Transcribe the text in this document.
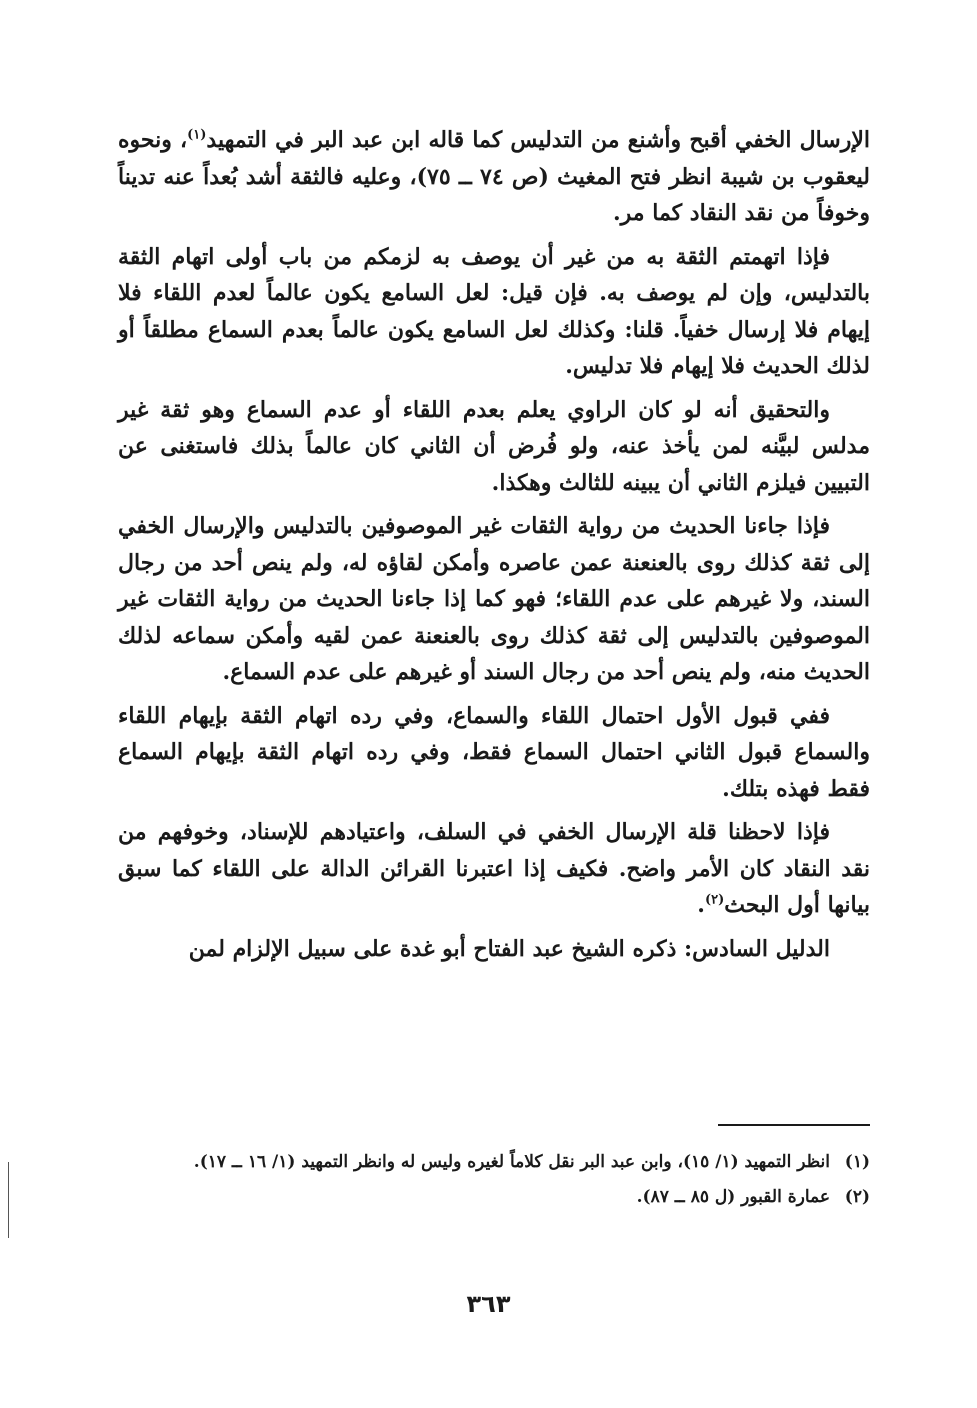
الإرسال الخفي أقبح وأشنع من التدليس كما قاله ابن عبد البر في التمهيد$^{(١)}$، ونحوه ليعقوب بن شيبة انظر فتح المغيث (ص ٧٤ ــ ٧٥)، وعليه فالثقة أشد بُعداً عنه تديناً وخوفاً من نقد النقاد كما مر.

فإذا اتهمتم الثقة به من غير أن يوصف به لزمكم من باب أولى اتهام الثقة بالتدليس، وإن لم يوصف به. فإن قيل: لعل السامع يكون عالماً لعدم اللقاء فلا إيهام فلا إرسال خفياً. قلنا: وكذلك لعل السامع يكون عالماً بعدم السماع مطلقاً أو لذلك الحديث فلا إيهام فلا تدليس.

والتحقيق أنه لو كان الراوي يعلم بعدم اللقاء أو عدم السماع وهو ثقة غير مدلس لبيَّنه لمن يأخذ عنه، ولو فُرض أن الثاني كان عالماً بذلك فاستغنى عن التبيين فيلزم الثاني أن يبينه للثالث وهكذا.

فإذا جاءنا الحديث من رواية الثقات غير الموصوفين بالتدليس والإرسال الخفي إلى ثقة كذلك روى بالعنعنة عمن عاصره وأمكن لقاؤه له، ولم ينص أحد من رجال السند، ولا غيرهم على عدم اللقاء؛ فهو كما إذا جاءنا الحديث من رواية الثقات غير الموصوفين بالتدليس إلى ثقة كذلك روى بالعنعنة عمن لقيه وأمكن سماعه لذلك الحديث منه، ولم ينص أحد من رجال السند أو غيرهم على عدم السماع.

ففي قبول الأول احتمال اللقاء والسماع، وفي رده اتهام الثقة بإيهام اللقاء والسماع قبول الثاني احتمال السماع فقط، وفي رده اتهام الثقة بإيهام السماع فقط فهذه بتلك.

فإذا لاحظنا قلة الإرسال الخفي في السلف، واعتيادهم للإسناد، وخوفهم من نقد النقاد كان الأمر واضح. فكيف إذا اعتبرنا القرائن الدالة على اللقاء كما سبق بيانها أول البحث$^{(٢)}$.

الدليل السادس: ذكره الشيخ عبد الفتاح أبو غدة على سبيل الإلزام لمن

(١)انظر التمهيد (١/ ١٥)، وابن عبد البر نقل كلاماً لغيره وليس له وانظر التمهيد (١/ ١٦ ــ ١٧).

(٢)عمارة القبور (ل ٨٥ ــ ٨٧).

٣٦٣
